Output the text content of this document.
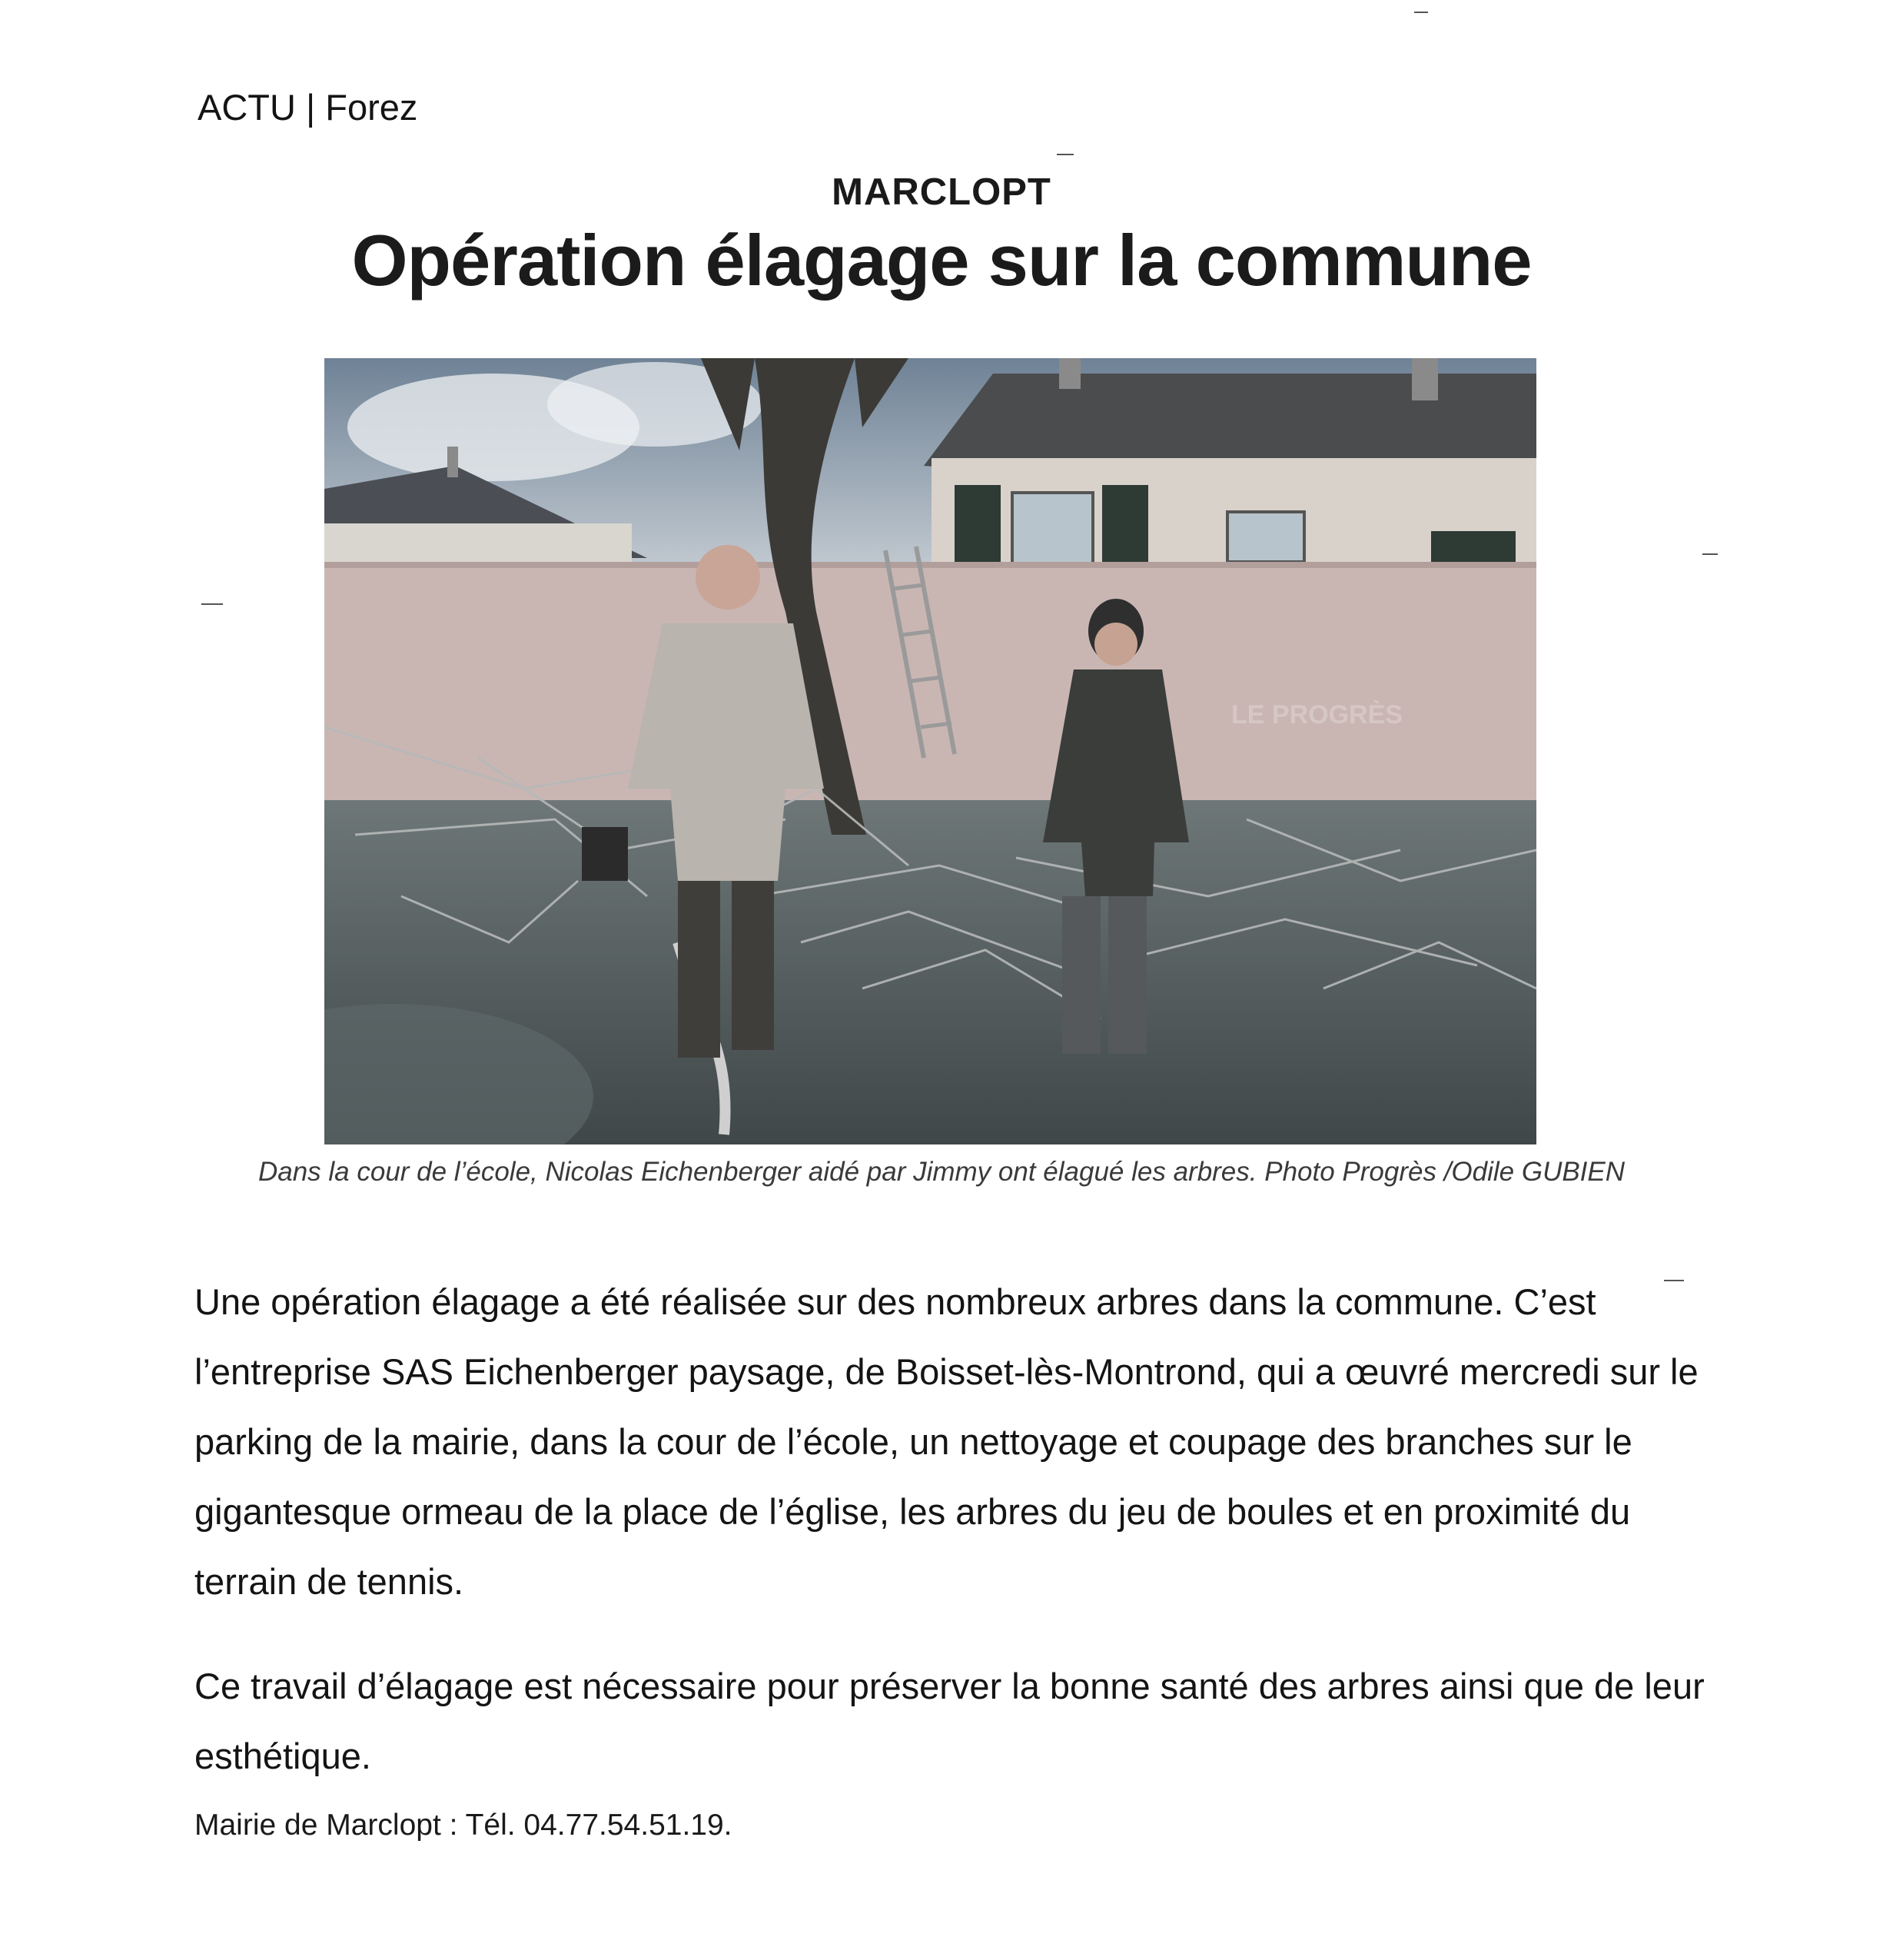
ACTU | Forez

MARCLOPT

Opération élagage sur la commune
LE PROGRÈS

Dans la cour de l’école, Nicolas Eichenberger aidé par Jimmy ont élagué les arbres. Photo Progrès /Odile GUBIEN

Une opération élagage a été réalisée sur des nombreux arbres dans la commune. C’est l’entreprise SAS Eichenberger paysage, de Boisset-lès-Montrond, qui a œuvré mercredi sur le parking de la mairie, dans la cour de l’école, un nettoyage et coupage des branches sur le gigantesque ormeau de la place de l’église, les arbres du jeu de boules et en proximité du terrain de tennis.

Ce travail d’élagage est nécessaire pour préserver la bonne santé des arbres ainsi que de leur esthétique.

Mairie de Marclopt : Tél. 04.77.54.51.19.
